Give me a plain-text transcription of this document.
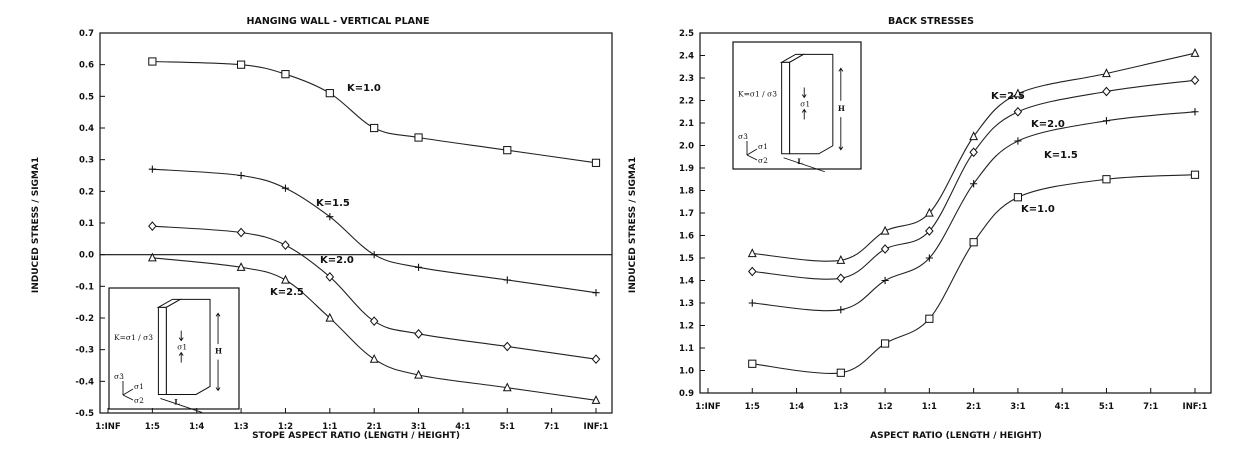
HANGING WALL - VERTICAL PLANE
STOPE ASPECT RATIO (LENGTH / HEIGHT)
INDUCED STRESS / SIGMA1
K=σ1 / σ3
σ1	H
L
σ3
σ1
σ2
BACK STRESSES
ASPECT RATIO (LENGTH / HEIGHT)
INDUCED STRESS / SIGMA1
K=σ1 / σ3
σ1	H
L
σ3
σ1
σ2
0.7
0.6
0.5
0.4
0.3
0.2
0.1
0.0
-0.1
-0.2
-0.3
-0.4
-0.5
1:INF	1:5	1:4	1:3	1:2	1:1	2:1	3:1	4:1	5:1	7:1	INF:1
K=1.0
K=1.5
K=2.0
K=2.5
2.5
2.4
2.3
2.2
2.1
2.0
1.9
1.8
1.7
1.6
1.5
1.4
1.3
1.2
1.1
1.0
0.9
1:INF	1:5	1:4	1:3	1:2	1:1	2:1	3:1	4:1	5:1	7:1	INF:1
K=2.5
K=2.0
K=1.5
K=1.0
